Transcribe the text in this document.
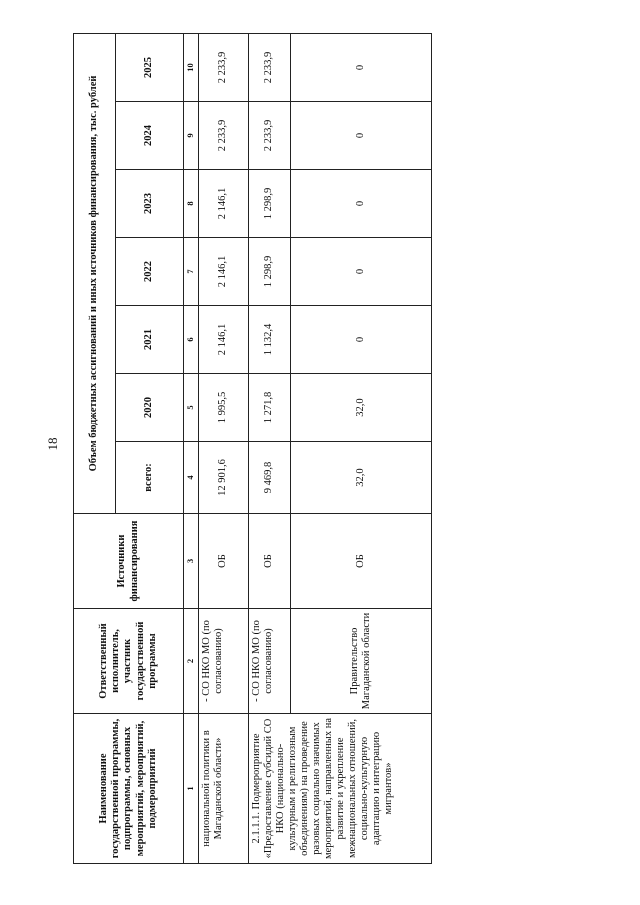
18
Наименование государственной программы, подпрограммы, основных мероприятий, мероприятий, подмероприятий	Ответственный исполнитель, участник государственной программы	Источники финансирования	Объем бюджетных ассигнований и иных источников финансирования, тыс. рублей						
			всего:	2020	2021	2022	2023	2024	2025
1	2	3	4	5	6	7	8	9	10
национальной политики в Магаданской области»	- СО НКО МО (по согласованию)	ОБ	12 901,6	1 995,5	2 146,1	2 146,1	2 146,1	2 233,9	2 233,9
2.1.1.1. Подмероприятие «Предоставление субсидий СО НКО (национально-культурным и религиозным объединениям) на проведение разовых социально значимых мероприятий, направленных на развитие и укрепление межнациональных отношений, социально-культурную адаптацию и интеграцию мигрантов»	- СО НКО МО (по согласованию)	ОБ	9 469,8	1 271,8	1 132,4	1 298,9	1 298,9	2 233,9	2 233,9
	Правительство Магаданской области	ОБ	32,0	32,0	0	0	0	0	0
